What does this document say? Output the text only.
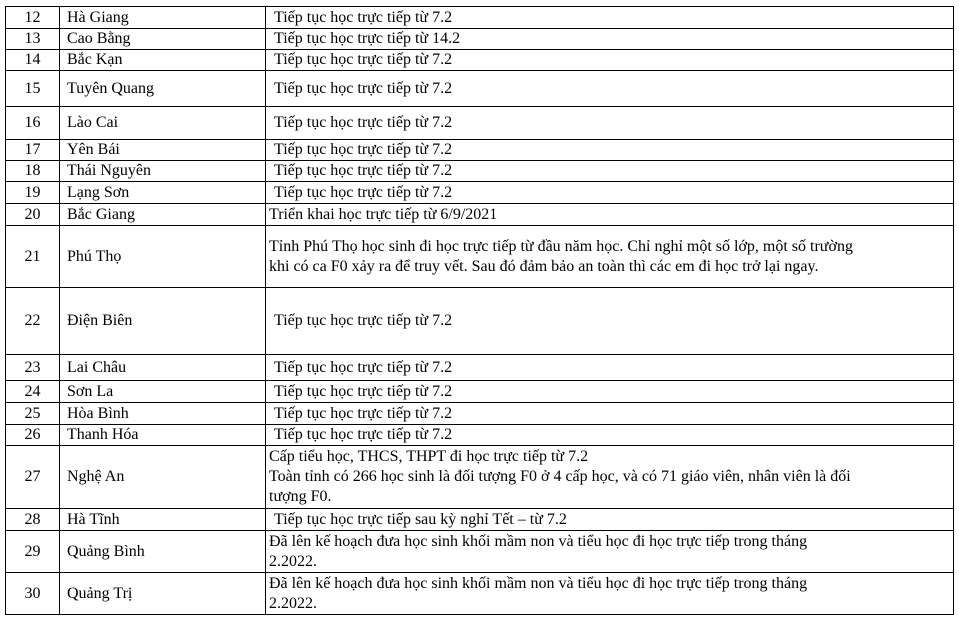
12	Hà Giang	Tiếp tục học trực tiếp từ 7.2

13	Cao Bằng	Tiếp tục học trực tiếp từ 14.2

14	Bắc Kạn	Tiếp tục học trực tiếp từ 7.2

15	Tuyên Quang	Tiếp tục học trực tiếp từ 7.2

16	Lào Cai	Tiếp tục học trực tiếp từ 7.2

17	Yên Bái	Tiếp tục học trực tiếp từ 7.2

18	Thái Nguyên	Tiếp tục học trực tiếp từ 7.2

19	Lạng Sơn	Tiếp tục học trực tiếp từ 7.2

20	Bắc Giang	Triển khai học trực tiếp từ 6/9/2021

21	Phú Thọ	Tỉnh Phú Thọ học sinh đi học trực tiếp từ đầu năm học. Chỉ nghỉ một số lớp, một số trường
khi có ca F0 xảy ra để truy vết. Sau đó đảm bảo an toàn thì các em đi học trở lại ngay.

22	Điện Biên	Tiếp tục học trực tiếp từ 7.2

23	Lai Châu	Tiếp tục học trực tiếp từ 7.2

24	Sơn La	Tiếp tục học trực tiếp từ 7.2

25	Hòa Bình	Tiếp tục học trực tiếp từ 7.2

26	Thanh Hóa	Tiếp tục học trực tiếp từ 7.2

27	Nghệ An	Cấp tiểu học, THCS, THPT đi học trực tiếp từ 7.2
Toàn tỉnh có 266 học sinh là đối tượng F0 ở 4 cấp học, và có 71 giáo viên, nhân viên là đối
tượng F0.

28	Hà Tĩnh	Tiếp tục học trực tiếp sau kỳ nghỉ Tết – từ 7.2

29	Quảng Bình	Đã lên kế hoạch đưa học sinh khối mầm non và tiểu học đi học trực tiếp trong tháng
2.2022.

30	Quảng Trị	Đã lên kế hoạch đưa học sinh khối mầm non và tiểu học đi học trực tiếp trong tháng
2.2022.
